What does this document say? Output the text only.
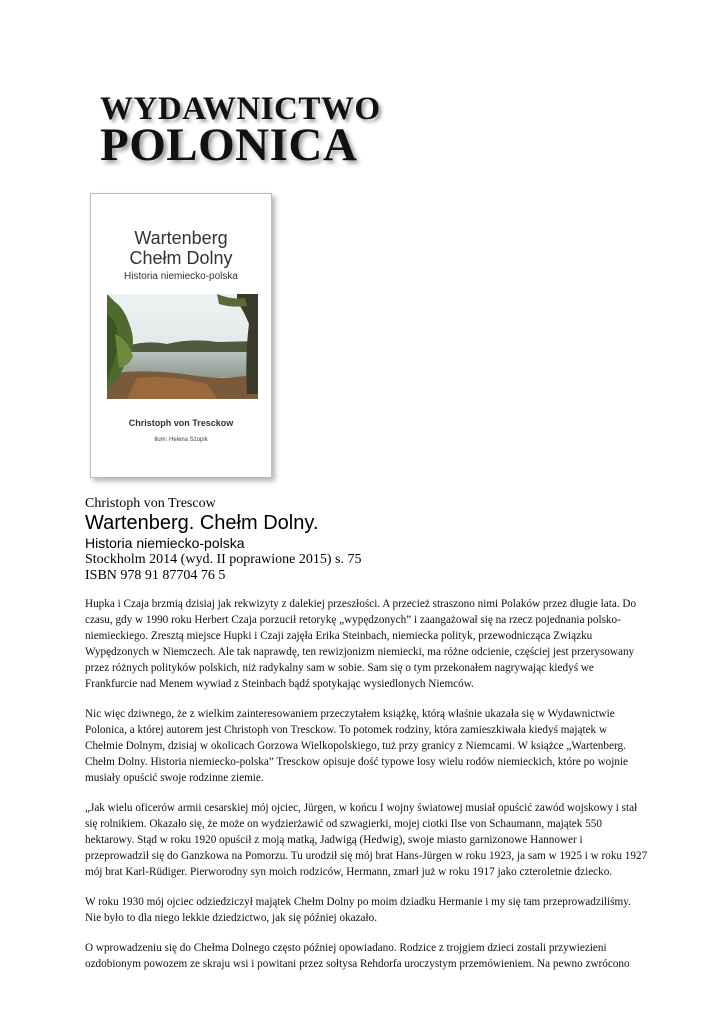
WYDAWNICTWO
POLONICA
Wartenberg
Chełm Dolny
Historia niemiecko-polska
Christoph von Tresckow
tłum: Helena Szopik
Christoph von Trescow
Wartenberg. Chełm Dolny.
Historia niemiecko-polska
Stockholm 2014 (wyd. II poprawione 2015) s. 75
ISBN 978 91 87704 76 5

Hupka i Czaja brzmią dzisiaj jak rekwizyty z dalekiej przeszłości. A przecież straszono nimi Polaków przez długie lata. Do
czasu, gdy w 1990 roku Herbert Czaja porzucił retorykę „wypędzonych” i zaangażował się na rzecz pojednania polsko-
niemieckiego. Zresztą miejsce Hupki i Czaji zajęła Erika Steinbach, niemiecka polityk, przewodnicząca Związku
Wypędzonych w Niemczech. Ale tak naprawdę, ten rewizjonizm niemiecki, ma różne odcienie, częściej jest przerysowany
przez różnych polityków polskich, niż radykalny sam w sobie. Sam się o tym przekonałem nagrywając kiedyś we
Frankfurcie nad Menem wywiad z Steinbach bądź spotykając wysiedlonych Niemców.

Nic więc dziwnego, że z wielkim zainteresowaniem przeczytałem książkę, którą właśnie ukazała się w Wydawnictwie
Polonica, a której autorem jest Christoph von Tresckow. To potomek rodziny, która zamieszkiwała kiedyś majątek w
Chełmie Dolnym, dzisiaj w okolicach Gorzowa Wielkopolskiego, tuż przy granicy z Niemcami. W książce „Wartenberg.
Chełm Dolny. Historia niemiecko-polska” Tresckow opisuje dość typowe losy wielu rodów niemieckich, które po wojnie
musiały opuścić swoje rodzinne ziemie.

„Jak wielu oficerów armii cesarskiej mój ojciec, Jürgen, w końcu I wojny światowej musiał opuścić zawód wojskowy i stał
się rolnikiem. Okazało się, że może on wydzierżawić od szwagierki, mojej ciotki Ilse von Schaumann, majątek 550
hektarowy. Stąd w roku 1920 opuścił z moją matką, Jadwigą (Hedwig), swoje miasto garnizonowe Hannower i
przeprowadził się do Ganzkowa na Pomorzu. Tu urodził się mój brat Hans-Jürgen w roku 1923, ja sam w 1925 i w roku 1927
mój brat Karl-Rüdiger. Pierworodny syn moich rodziców, Hermann, zmarł już w roku 1917 jako czteroletnie dziecko.

W roku 1930 mój ojciec odziedziczył majątek Chełm Dolny po moim dziadku Hermanie i my się tam przeprowadziliśmy.
Nie było to dla niego lekkie dziedzictwo, jak się później okazało.

O wprowadzeniu się do Chełma Dolnego często później opowiadano. Rodzice z trojgiem dzieci zostali przywiezieni
ozdobionym powozem ze skraju wsi i powitani przez sołtysa Rehdorfa uroczystym przemówieniem. Na pewno zwrócono
